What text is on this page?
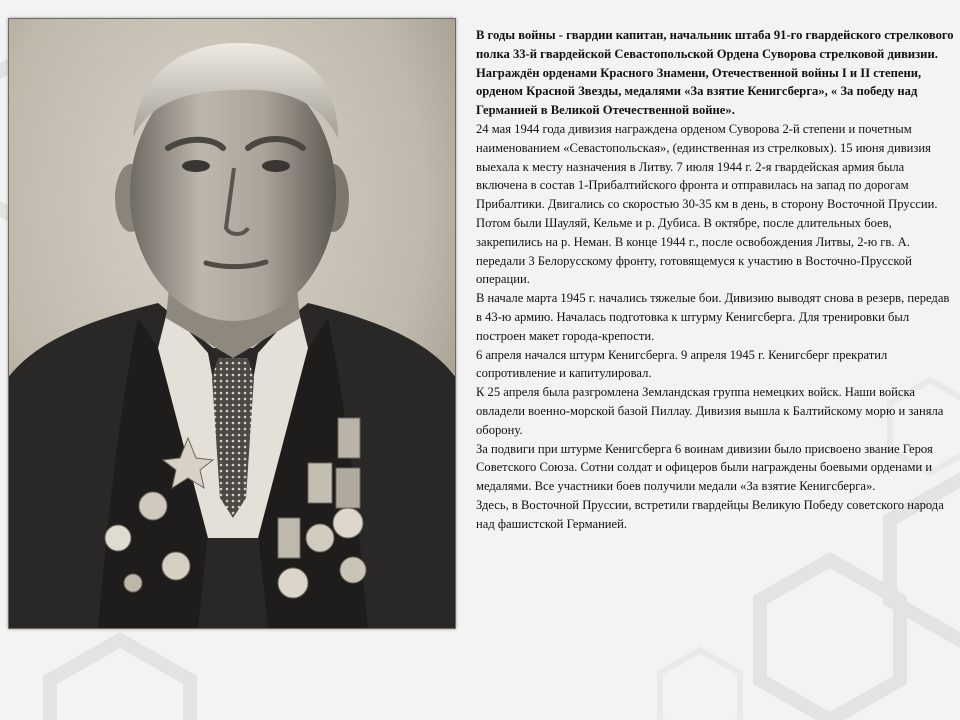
В годы войны - гвардии капитан, начальник штаба 91-го гвардейского стрелкового полка 33-й гвардейской Севастопольской Ордена Суворова стрелковой дивизии. Награждён орденами Красного Знамени, Отечественной войны I и II степени, орденом Красной Звезды, медалями «За взятие Кенигсберга», « За победу над Германией в Великой Отечественной войне».

24 мая 1944 года дивизия награждена орденом Суворова 2-й степени и почетным наименованием «Севастопольская», (единственная из стрелковых). 15 июня дивизия выехала к месту назначения в Литву. 7 июля 1944 г. 2-я гвардейская армия была включена в состав 1-Прибалтийского фронта и отправилась на запад по дорогам Прибалтики. Двигались со скоростью 30-35 км в день, в сторону Восточной Пруссии.

Потом были Шауляй, Кельме и р. Дубиса. В октябре, после длительных боев, закрепились на р. Неман. В конце 1944 г., после освобождения Литвы, 2-ю гв. А. передали 3 Белорусскому фронту, готовящемуся к участию в Восточно-Прусской операции.

В начале марта 1945 г. начались тяжелые бои. Дивизию выводят снова в резерв, передав в 43-ю армию. Началась подготовка к штурму Кенигсберга. Для тренировки был построен макет города-крепости.

6 апреля начался штурм Кенигсберга. 9 апреля 1945 г. Кенигсберг прекратил сопротивление и капитулировал.

К 25 апреля была разгромлена Земландская группа немецких войск. Наши войска овладели военно-морской базой Пиллау. Дивизия вышла к Балтийскому морю и заняла оборону.

За подвиги при штурме Кенигсберга 6 воинам дивизии было присвоено звание Героя Советского Союза. Сотни солдат и офицеров были награждены боевыми орденами и медалями. Все участники боев получили медали «За взятие Кенигсберга».

Здесь, в Восточной Пруссии, встретили гвардейцы Великую Победу советского народа над фашистской Германией.
